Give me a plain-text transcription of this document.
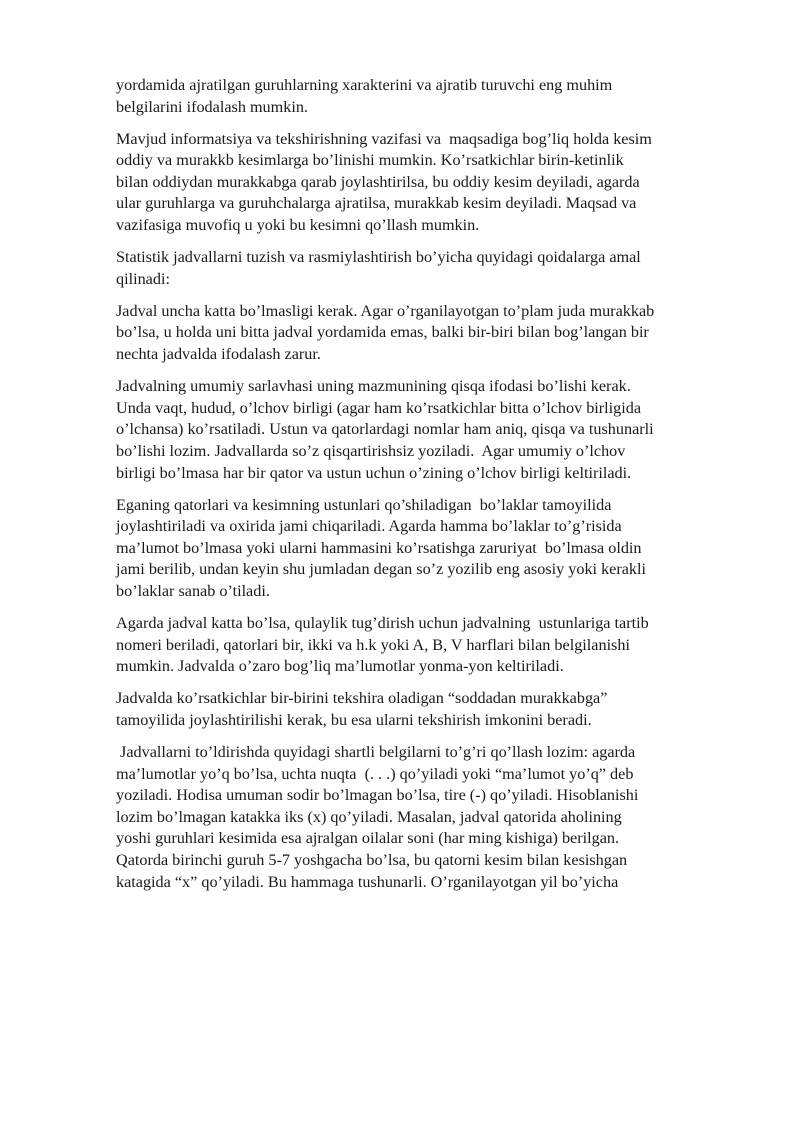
yordamida ajratilgan guruhlarning xarakterini va ajratib turuvchi eng muhim
belgilarini ifodalash mumkin.

Mavjud informatsiya va tekshirishning vazifasi va  maqsadiga bog’liq holda kesim
oddiy va murakkb kesimlarga bo’linishi mumkin. Ko’rsatkichlar birin-ketinlik
bilan oddiydan murakkabga qarab joylashtirilsa, bu oddiy kesim deyiladi, agarda
ular guruhlarga va guruhchalarga ajratilsa, murakkab kesim deyiladi. Maqsad va
vazifasiga muvofiq u yoki bu kesimni qo’llash mumkin.

Statistik jadvallarni tuzish va rasmiylashtirish bo’yicha quyidagi qoidalarga amal
qilinadi:

Jadval uncha katta bo’lmasligi kerak. Agar o’rganilayotgan to’plam juda murakkab
bo’lsa, u holda uni bitta jadval yordamida emas, balki bir-biri bilan bog’langan bir
nechta jadvalda ifodalash zarur.

Jadvalning umumiy sarlavhasi uning mazmunining qisqa ifodasi bo’lishi kerak.
Unda vaqt, hudud, o’lchov birligi (agar ham ko’rsatkichlar bitta o’lchov birligida
o’lchansa) ko’rsatiladi. Ustun va qatorlardagi nomlar ham aniq, qisqa va tushunarli
bo’lishi lozim. Jadvallarda so’z qisqartirishsiz yoziladi.  Agar umumiy o’lchov
birligi bo’lmasa har bir qator va ustun uchun o’zining o’lchov birligi keltiriladi.

Eganing qatorlari va kesimning ustunlari qo’shiladigan  bo’laklar tamoyilida
joylashtiriladi va oxirida jami chiqariladi. Agarda hamma bo’laklar to’g’risida
ma’lumot bo’lmasa yoki ularni hammasini ko’rsatishga zaruriyat  bo’lmasa oldin
jami berilib, undan keyin shu jumladan degan so’z yozilib eng asosiy yoki kerakli
bo’laklar sanab o’tiladi.

Agarda jadval katta bo’lsa, qulaylik tug’dirish uchun jadvalning  ustunlariga tartib
nomeri beriladi, qatorlari bir, ikki va h.k yoki A, B, V harflari bilan belgilanishi
mumkin. Jadvalda o’zaro bog’liq ma’lumotlar yonma-yon keltiriladi.

Jadvalda ko’rsatkichlar bir-birini tekshira oladigan “soddadan murakkabga”
tamoyilida joylashtirilishi kerak, bu esa ularni tekshirish imkonini beradi.

Jadvallarni to’ldirishda quyidagi shartli belgilarni to’g’ri qo’llash lozim: agarda
ma’lumotlar yo’q bo’lsa, uchta nuqta  (. . .) qo’yiladi yoki “ma’lumot yo’q” deb
yoziladi. Hodisa umuman sodir bo’lmagan bo’lsa, tire (-) qo’yiladi. Hisoblanishi
lozim bo’lmagan katakka iks (x) qo’yiladi. Masalan, jadval qatorida aholining
yoshi guruhlari kesimida esa ajralgan oilalar soni (har ming kishiga) berilgan.
Qatorda birinchi guruh 5-7 yoshgacha bo’lsa, bu qatorni kesim bilan kesishgan
katagida “x” qo’yiladi. Bu hammaga tushunarli. O’rganilayotgan yil bo’yicha
